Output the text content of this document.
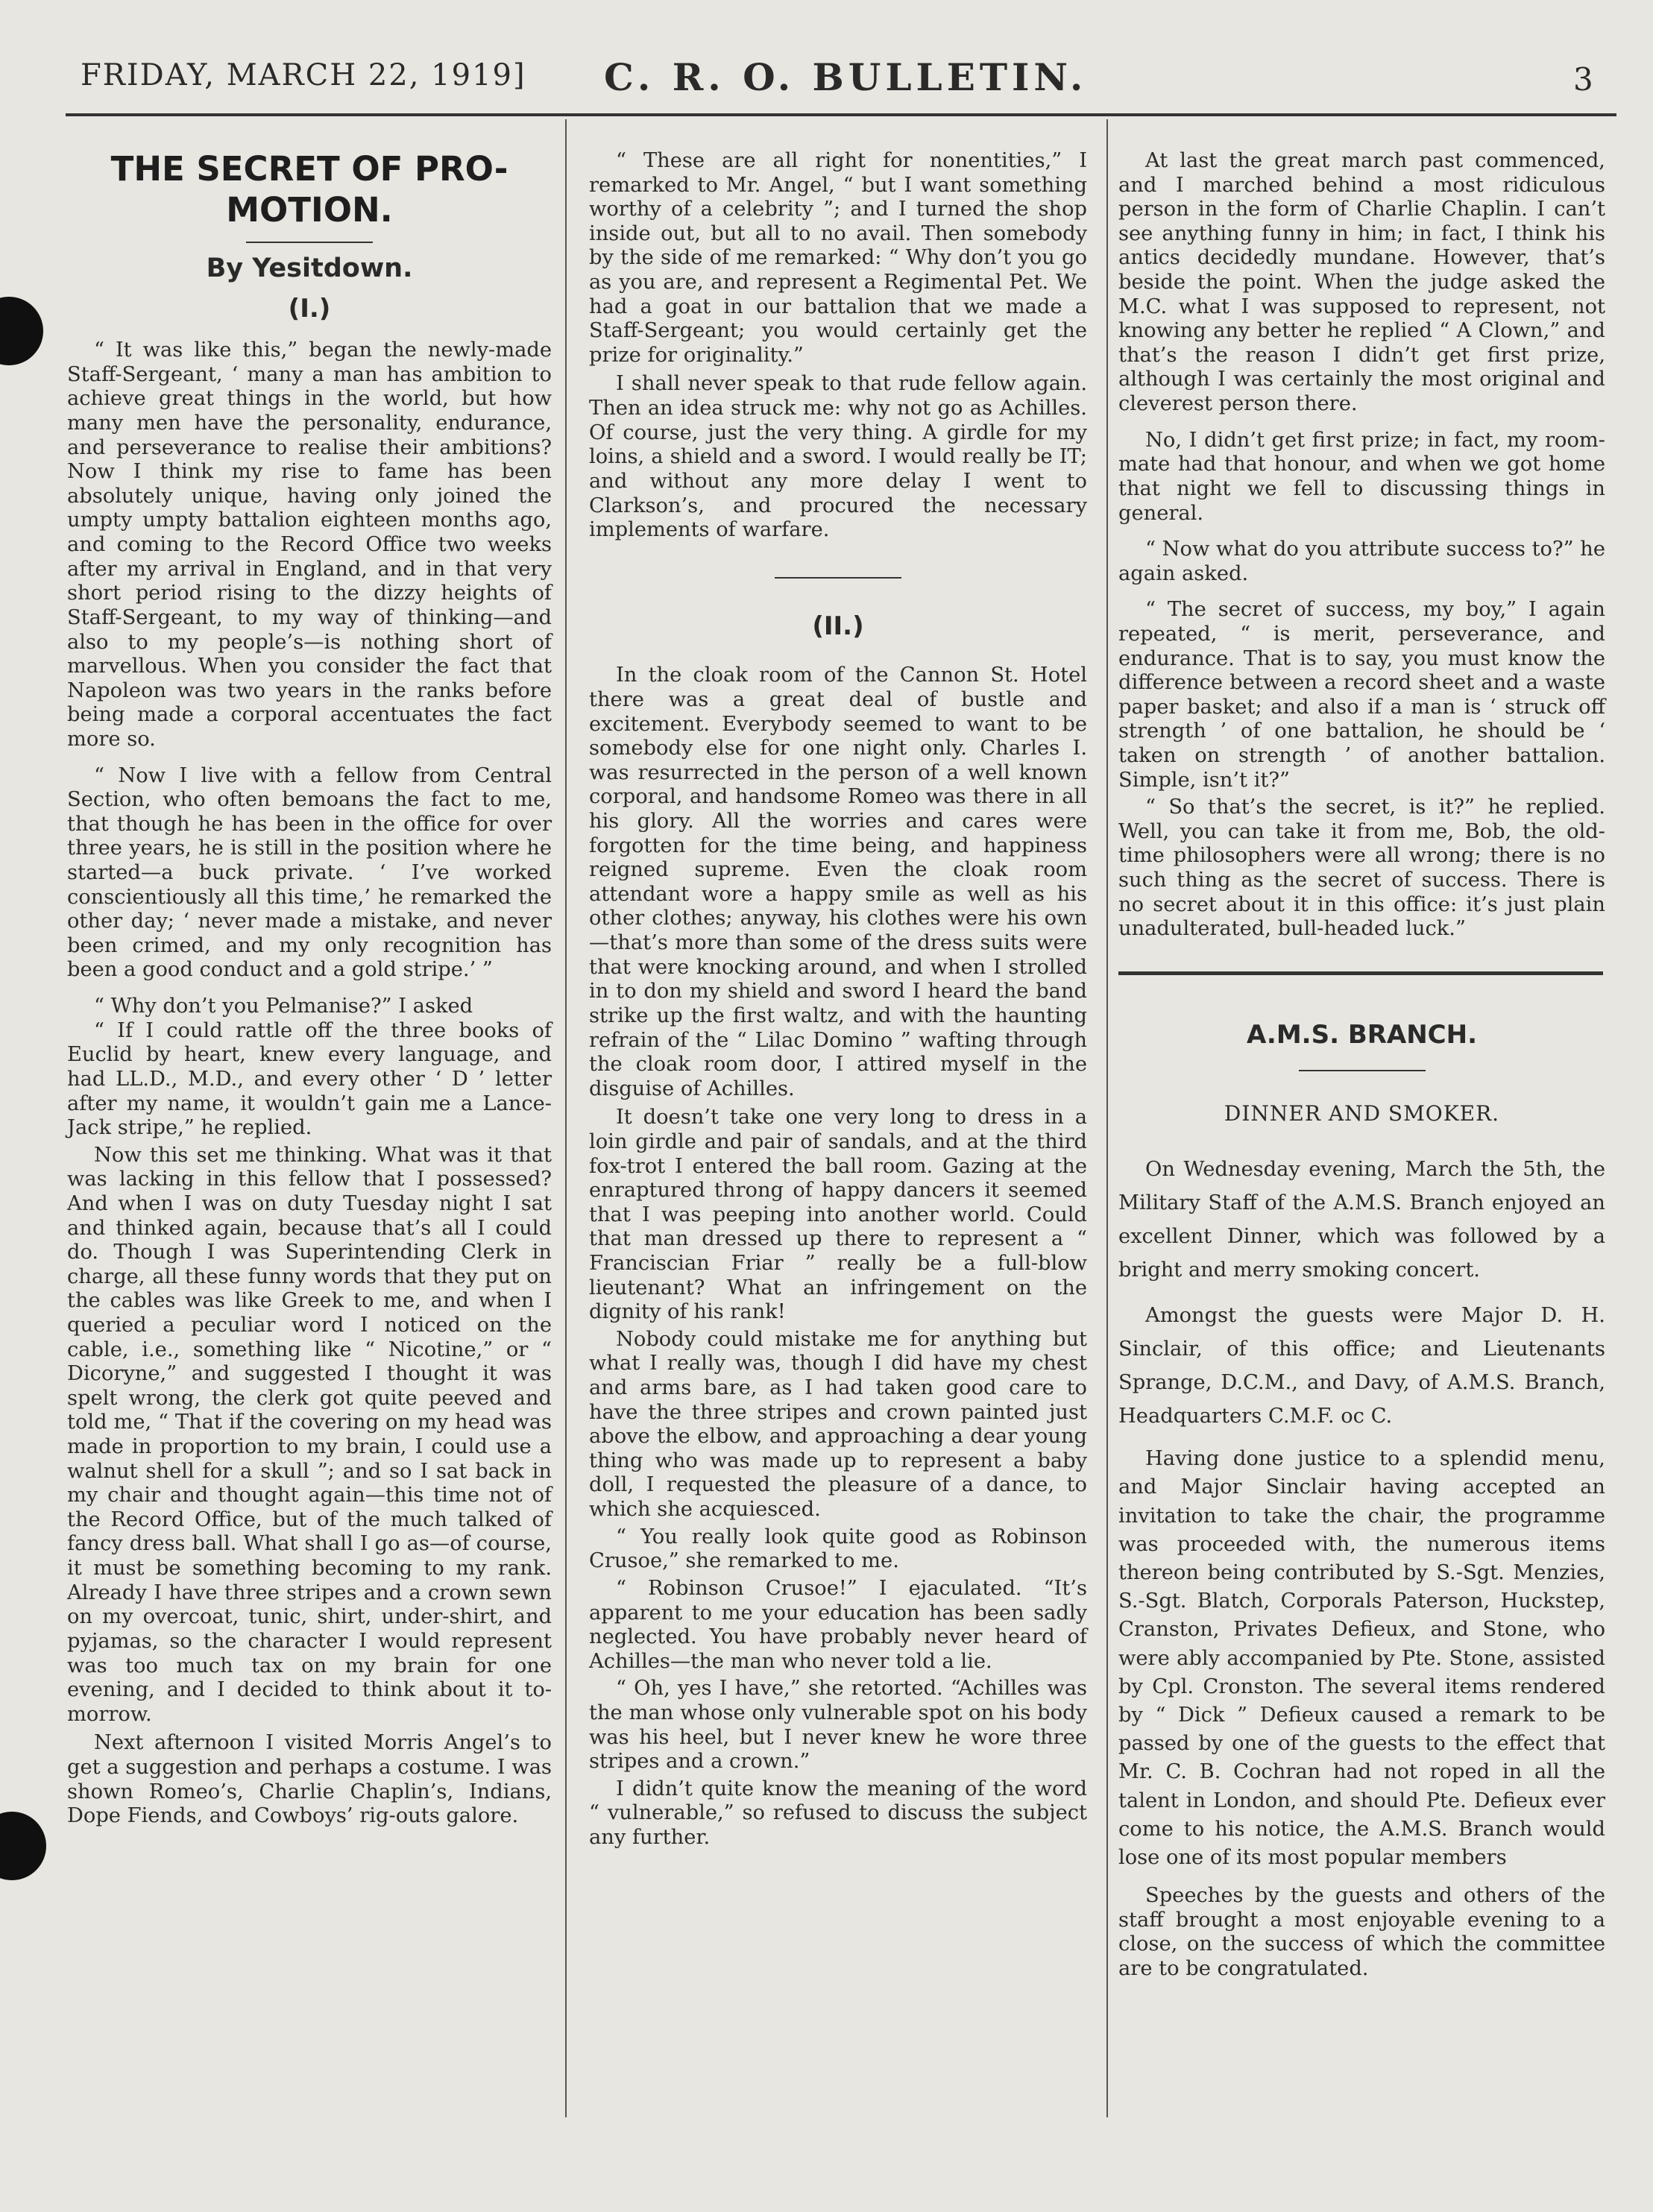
FRIDAY, MARCH 22, 1919] C. R. O. BULLETIN.	3
THE SECRET OF PRO-MOTION.
By Yesitdown.
(I.)

“ It was like this,” began the newly-made Staff-Sergeant, ‘ many a man has ambition to achieve great things in the world, but how many men have the personality, endurance, and perseverance to realise their ambitions? Now I think my rise to fame has been absolutely unique, having only joined the umpty umpty battalion eighteen months ago, and coming to the Record Office two weeks after my arrival in England, and in that very short period rising to the dizzy heights of Staff-Sergeant, to my way of thinking—and also to my people’s—is nothing short of marvellous. When you consider the fact that Napoleon was two years in the ranks before being made a corporal accentuates the fact more so.

“ Now I live with a fellow from Central Section, who often bemoans the fact to me, that though he has been in the office for over three years, he is still in the position where he started—a buck private. ‘ I’ve worked conscientiously all this time,’ he remarked the other day; ‘ never made a mistake, and never been crimed, and my only recognition has been a good conduct and a gold stripe.’ ”

“ Why don’t you Pelmanise?” I asked

“ If I could rattle off the three books of Euclid by heart, knew every language, and had LL.D., M.D., and every other ‘ D ’ letter after my name, it wouldn’t gain me a Lance-Jack stripe,” he replied.

Now this set me thinking. What was it that was lacking in this fellow that I possessed? And when I was on duty Tuesday night I sat and thinked again, because that’s all I could do. Though I was Superintending Clerk in charge, all these funny words that they put on the cables was like Greek to me, and when I queried a peculiar word I noticed on the cable, i.e., something like “ Nicotine,” or “ Dicoryne,” and suggested I thought it was spelt wrong, the clerk got quite peeved and told me, “ That if the covering on my head was made in proportion to my brain, I could use a walnut shell for a skull ”; and so I sat back in my chair and thought again—this time not of the Record Office, but of the much talked of fancy dress ball. What shall I go as—of course, it must be something becoming to my rank. Already I have three stripes and a crown sewn on my overcoat, tunic, shirt, under-shirt, and pyjamas, so the character I would represent was too much tax on my brain for one evening, and I decided to think about it to-morrow.

Next afternoon I visited Morris Angel’s to get a suggestion and perhaps a costume. I was shown Romeo’s, Charlie Chaplin’s, Indians, Dope Fiends, and Cowboys’ rig-outs galore.

“ These are all right for nonentities,” I remarked to Mr. Angel, “ but I want something worthy of a celebrity ”; and I turned the shop inside out, but all to no avail. Then somebody by the side of me remarked: “ Why don’t you go as you are, and represent a Regimental Pet. We had a goat in our battalion that we made a Staff-Sergeant; you would certainly get the prize for originality.”

I shall never speak to that rude fellow again. Then an idea struck me: why not go as Achilles. Of course, just the very thing. A girdle for my loins, a shield and a sword. I would really be IT; and without any more delay I went to Clarkson’s, and procured the necessary implements of warfare.

(II.)

In the cloak room of the Cannon St. Hotel there was a great deal of bustle and excitement. Everybody seemed to want to be somebody else for one night only. Charles I. was resurrected in the person of a well known corporal, and handsome Romeo was there in all his glory. All the worries and cares were forgotten for the time being, and happiness reigned supreme. Even the cloak room attendant wore a happy smile as well as his other clothes; anyway, his clothes were his own—that’s more than some of the dress suits were that were knocking around, and when I strolled in to don my shield and sword I heard the band strike up the first waltz, and with the haunting refrain of the “ Lilac Domino ” wafting through the cloak room door, I attired myself in the disguise of Achilles.

It doesn’t take one very long to dress in a loin girdle and pair of sandals, and at the third fox-trot I entered the ball room. Gazing at the enraptured throng of happy dancers it seemed that I was peeping into another world. Could that man dressed up there to represent a “ Franciscian Friar ” really be a full-blow lieutenant? What an infringement on the dignity of his rank!

Nobody could mistake me for anything but what I really was, though I did have my chest and arms bare, as I had taken good care to have the three stripes and crown painted just above the elbow, and approaching a dear young thing who was made up to represent a baby doll, I requested the pleasure of a dance, to which she acquiesced.

“ You really look quite good as Robinson Crusoe,” she remarked to me.

“ Robinson Crusoe!” I ejaculated. “It’s apparent to me your education has been sadly neglected. You have probably never heard of Achilles—the man who never told a lie.

“ Oh, yes I have,” she retorted. “Achilles was the man whose only vulnerable spot on his body was his heel, but I never knew he wore three stripes and a crown.”

I didn’t quite know the meaning of the word “ vulnerable,” so refused to discuss the subject any further.

At last the great march past commenced, and I marched behind a most ridiculous person in the form of Charlie Chaplin. I can’t see anything funny in him; in fact, I think his antics decidedly mundane. However, that’s beside the point. When the judge asked the M.C. what I was supposed to represent, not knowing any better he replied “ A Clown,” and that’s the reason I didn’t get first prize, although I was certainly the most original and cleverest person there.

No, I didn’t get first prize; in fact, my room-mate had that honour, and when we got home that night we fell to discussing things in general.

“ Now what do you attribute success to?” he again asked.

“ The secret of success, my boy,” I again repeated, “ is merit, perseverance, and endurance. That is to say, you must know the difference between a record sheet and a waste paper basket; and also if a man is ‘ struck off strength ’ of one battalion, he should be ‘ taken on strength ’ of another battalion. Simple, isn’t it?”

“ So that’s the secret, is it?” he replied. Well, you can take it from me, Bob, the old-time philosophers were all wrong; there is no such thing as the secret of success. There is no secret about it in this office: it’s just plain unadulterated, bull-headed luck.”

A.M.S. BRANCH.
DINNER AND SMOKER.

On Wednesday evening, March the 5th, the Military Staff of the A.M.S. Branch enjoyed an excellent Dinner, which was followed by a bright and merry smoking concert.

Amongst the guests were Major D. H. Sinclair, of this office; and Lieutenants Sprange, D.C.M., and Davy, of A.M.S. Branch, Headquarters C.M.F. oc C.

Having done justice to a splendid menu, and Major Sinclair having accepted an invitation to take the chair, the programme was proceeded with, the numerous items thereon being contributed by S.-Sgt. Menzies, S.-Sgt. Blatch, Corporals Paterson, Huckstep, Cranston, Privates Defieux, and Stone, who were ably accompanied by Pte. Stone, assisted by Cpl. Cronston. The several items rendered by “ Dick ” Defieux caused a remark to be passed by one of the guests to the effect that Mr. C. B. Cochran had not roped in all the talent in London, and should Pte. Defieux ever come to his notice, the A.M.S. Branch would lose one of its most popular members

Speeches by the guests and others of the staff brought a most enjoyable evening to a close, on the success of which the committee are to be congratulated.
